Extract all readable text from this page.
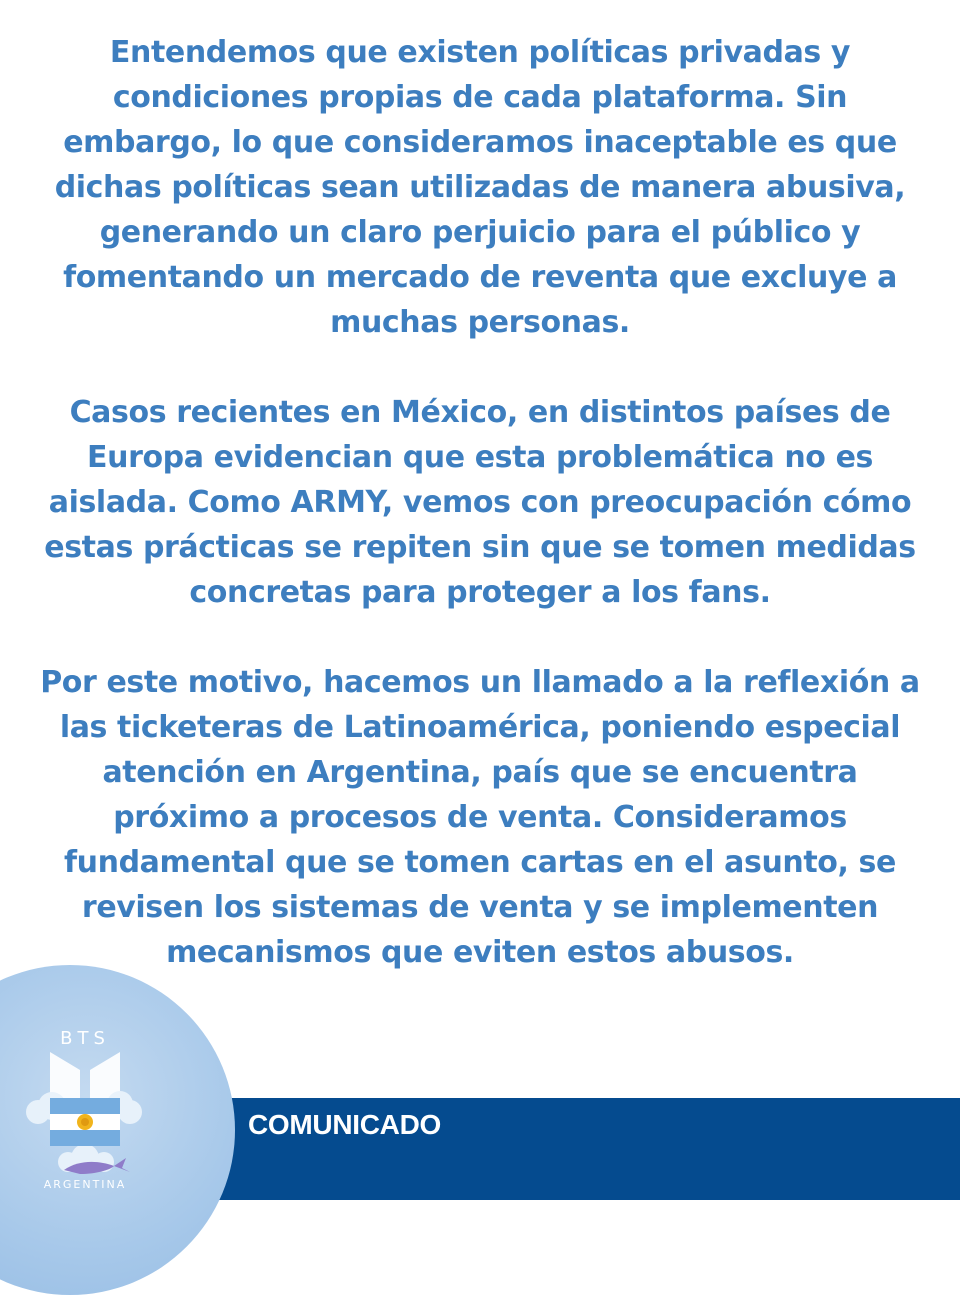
Entendemos que existen políticas privadas y condiciones propias de cada plataforma. Sin embargo, lo que consideramos inaceptable es que dichas políticas sean utilizadas de manera abusiva, generando un claro perjuicio para el público y fomentando un mercado de reventa que excluye a muchas personas.

Casos recientes en México, en distintos países de Europa evidencian que esta problemática no es aislada. Como ARMY, vemos con preocupación cómo estas prácticas se repiten sin que se tomen medidas concretas para proteger a los fans.

Por este motivo, hacemos un llamado a la reflexión a las ticketeras de Latinoamérica, poniendo especial atención en Argentina, país que se encuentra próximo a procesos de venta. Consideramos fundamental que se tomen cartas en el asunto, se revisen los sistemas de venta y se implementen mecanismos que eviten estos abusos.

BTS
ARGENTINA
COMUNICADO
